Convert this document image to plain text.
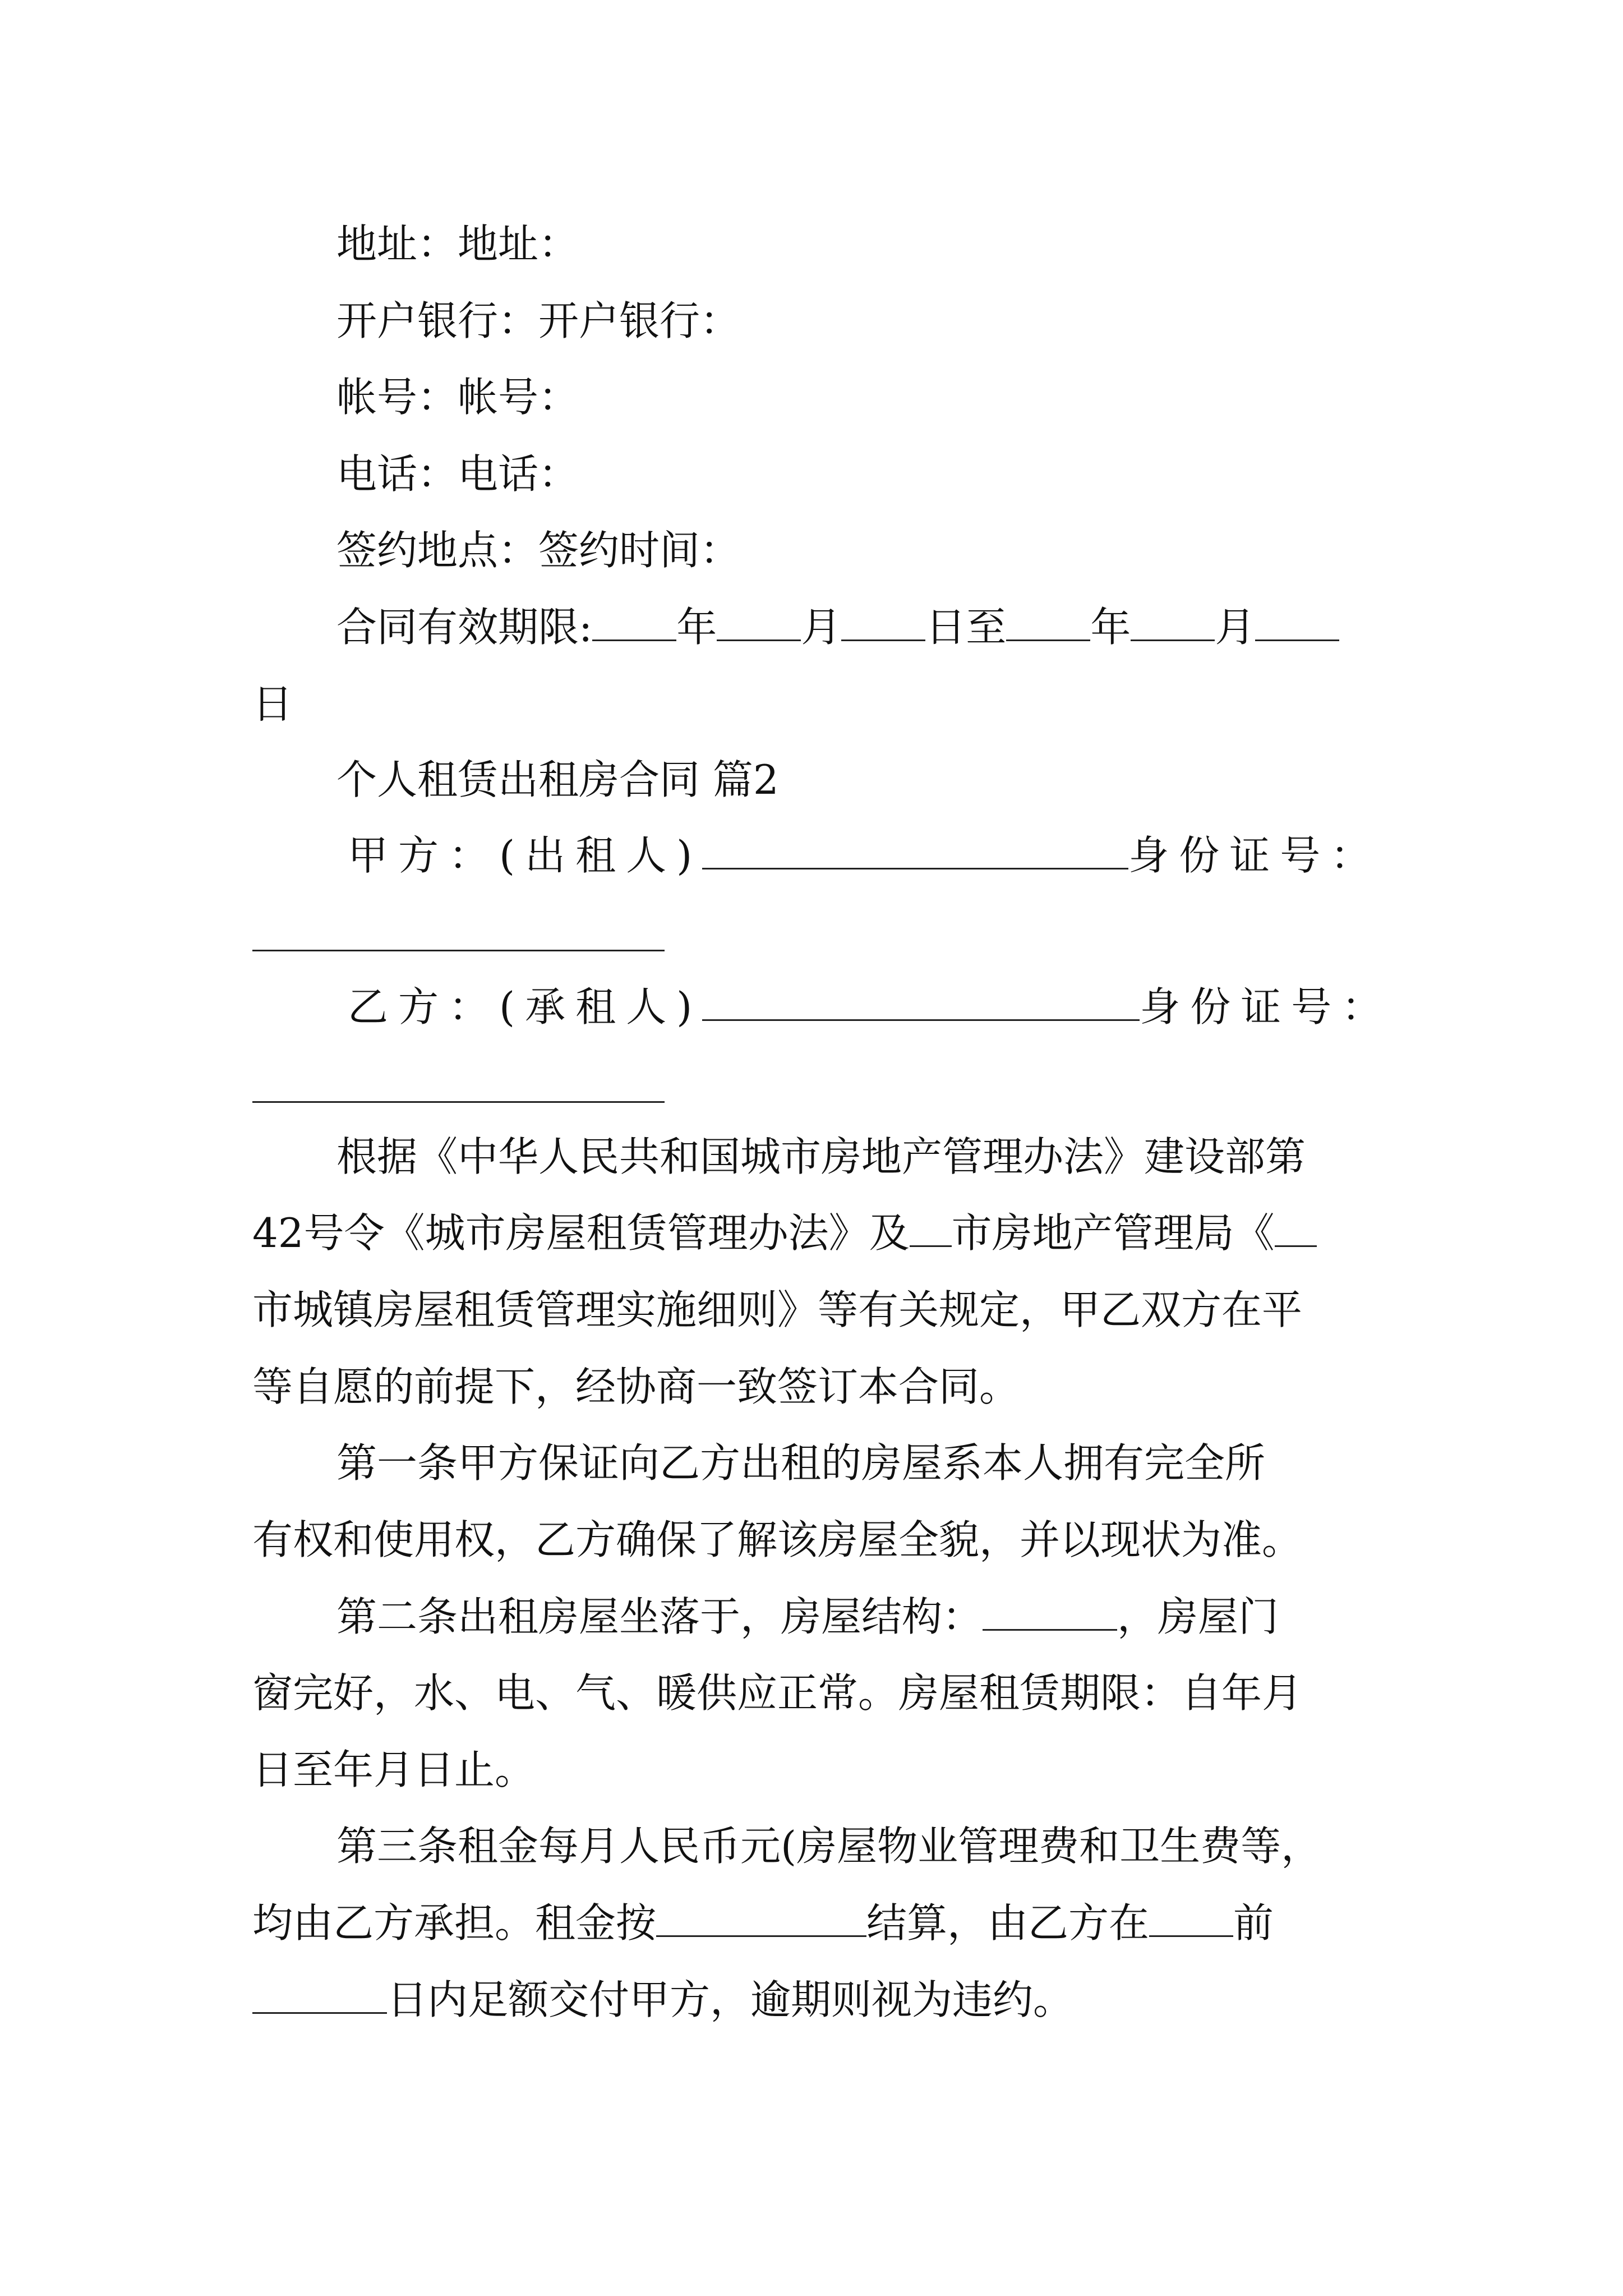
地址：地址：
开户银行：开户银行：
帐号：帐号：
电话：电话：
签约地点：签约时间：
合同有效期限: 年 月 日至 年 月
日
个人租赁出租房合同 篇2
甲方：(出租人)	身份证号：
乙方：(承租人)	身份证号：
根据《中华人民共和国城市房地产管理办法》建设部第
42号令《城市房屋租赁管理办法》及 市房地产管理局《
市城镇房屋租赁管理实施细则》等有关规定，甲乙双方在平
等自愿的前提下，经协商一致签订本合同。
第一条甲方保证向乙方出租的房屋系本人拥有完全所
有权和使用权，乙方确保了解该房屋全貌，并以现状为准。
第二条出租房屋坐落于，房屋结构：	，房屋门
窗完好，水、电、气、暖供应正常。房屋租赁期限：自年月
日至年月日止。
第三条租金每月人民币元(房屋物业管理费和卫生费等，
均由乙方承担。租金按	结算，由乙方在 前
日内足额交付甲方，逾期则视为违约。
